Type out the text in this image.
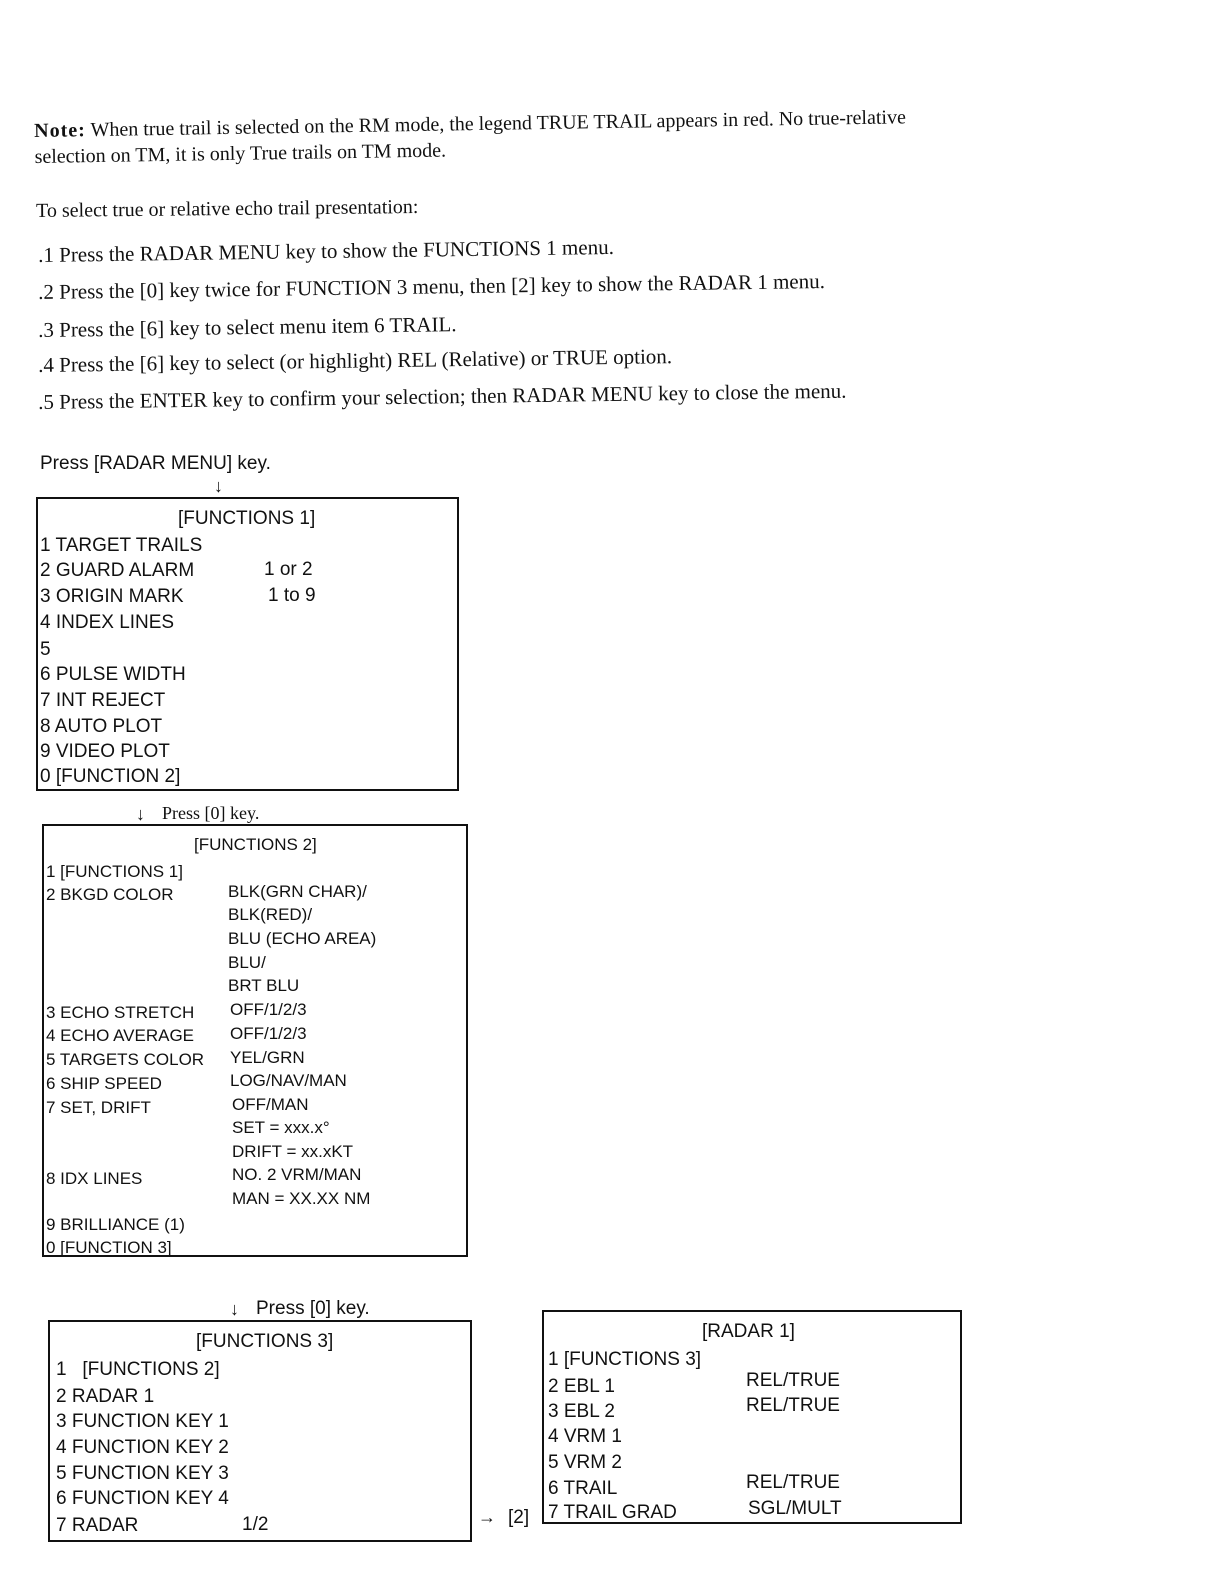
Note: When true trail is selected on the RM mode, the legend TRUE TRAIL appears in red. No true-relative selection on TM, it is only True trails on TM mode.
To select true or relative echo trail presentation:
.1 Press the RADAR MENU key to show the FUNCTIONS 1 menu.
.2 Press the [0] key twice for FUNCTION 3 menu, then [2] key to show the RADAR 1 menu.
.3 Press the [6] key to select menu item 6 TRAIL.
.4 Press the [6] key to select (or highlight) REL (Relative) or TRUE option.
.5 Press the ENTER key to confirm your selection; then RADAR MENU key to close the menu.
Press [RADAR MENU] key.
↓
[FUNCTIONS 1]
1 TARGET TRAILS
2 GUARD ALARM	1 or 2
3 ORIGIN MARK	1 to 9
4 INDEX LINES
5
6 PULSE WIDTH
7 INT REJECT
8 AUTO PLOT
9 VIDEO PLOT
0 [FUNCTION 2]
↓ Press [0] key.
[FUNCTIONS 2]
1 [FUNCTIONS 1]
2 BKGD COLOR	BLK(GRN CHAR)/
BLK(RED)/
BLU (ECHO AREA)
BLU/
BRT BLU
3 ECHO STRETCH OFF/1/2/3
4 ECHO AVERAGE OFF/1/2/3
5 TARGETS COLOR YEL/GRN
6 SHIP SPEED	LOG/NAV/MAN
7 SET, DRIFT	OFF/MAN
SET = xxx.x°
DRIFT = xx.xKT
8 IDX LINES	NO. 2 VRM/MAN
MAN = XX.XX NM
9 BRILLIANCE (1)
0 [FUNCTION 3]
↓ Press [0] key.
[FUNCTIONS 3]
1   [FUNCTIONS 2]
2 RADAR 1
3 FUNCTION KEY 1
4 FUNCTION KEY 2
5 FUNCTION KEY 3
6 FUNCTION KEY 4
7 RADAR	1/2	→ [2]
[RADAR 1]
1 [FUNCTIONS 3]
2 EBL 1	REL/TRUE
3 EBL 2	REL/TRUE
4 VRM 1
5 VRM 2
6 TRAIL	REL/TRUE
7 TRAIL GRAD	SGL/MULT
